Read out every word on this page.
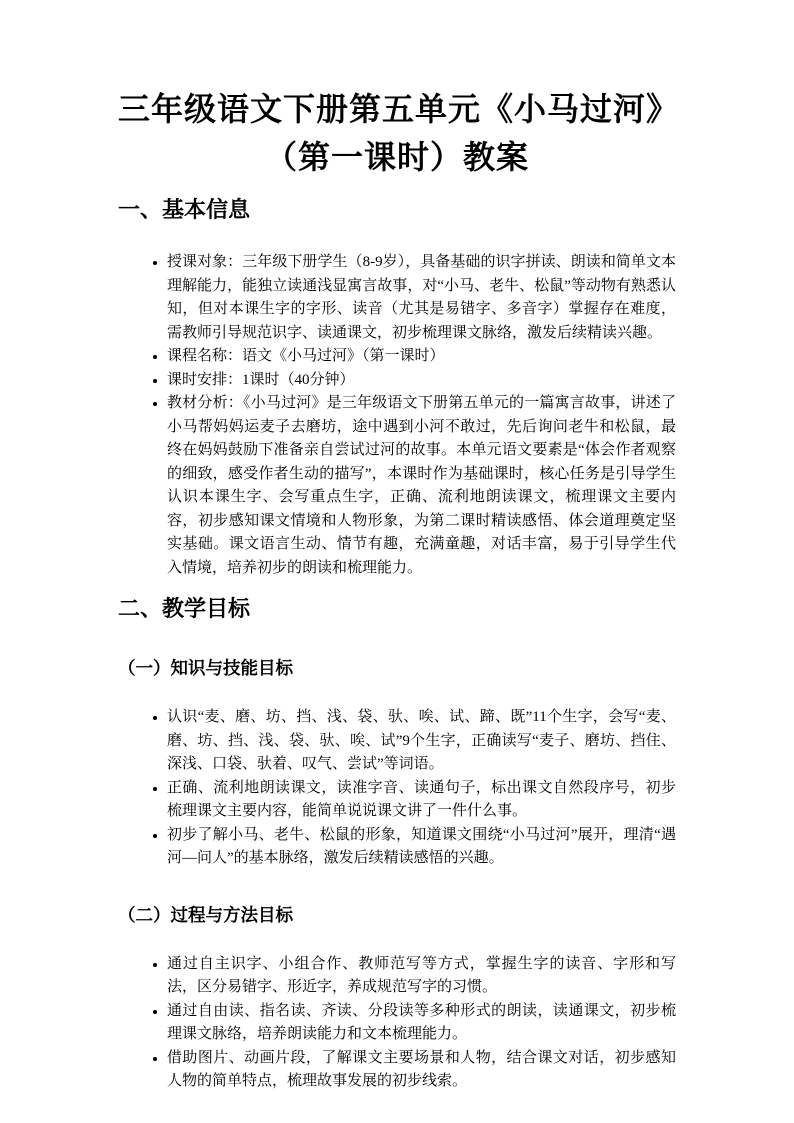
三年级语文下册第五单元《小马过河》
（第一课时）教案
一、基本信息
• 授课对象：三年级下册学生（8-9岁），具备基础的识字拼读、朗读和简单文本理解能力，能独立读通浅显寓言故事，对“小马、老牛、松鼠”等动物有熟悉认知，但对本课生字的字形、读音（尤其是易错字、多音字）掌握存在难度，需教师引导规范识字、读通课文，初步梳理课文脉络，激发后续精读兴趣。
• 课程名称：语文《小马过河》（第一课时）
• 课时安排：1课时（40分钟）
• 教材分析：《小马过河》是三年级语文下册第五单元的一篇寓言故事，讲述了小马帮妈妈运麦子去磨坊，途中遇到小河不敢过，先后询问老牛和松鼠，最终在妈妈鼓励下准备亲自尝试过河的故事。本单元语文要素是“体会作者观察的细致，感受作者生动的描写”，本课时作为基础课时，核心任务是引导学生认识本课生字、会写重点生字，正确、流利地朗读课文，梳理课文主要内容，初步感知课文情境和人物形象，为第二课时精读感悟、体会道理奠定坚实基础。课文语言生动、情节有趣，充满童趣，对话丰富，易于引导学生代入情境，培养初步的朗读和梳理能力。
二、教学目标
（一）知识与技能目标
• 认识“麦、磨、坊、挡、浅、袋、驮、唉、试、蹄、既”11个生字，会写“麦、磨、坊、挡、浅、袋、驮、唉、试”9个生字，正确读写“麦子、磨坊、挡住、深浅、口袋、驮着、叹气、尝试”等词语。
• 正确、流利地朗读课文，读准字音、读通句子，标出课文自然段序号，初步梳理课文主要内容，能简单说说课文讲了一件什么事。
• 初步了解小马、老牛、松鼠的形象，知道课文围绕“小马过河”展开，理清“遇河—问人”的基本脉络，激发后续精读感悟的兴趣。
（二）过程与方法目标
• 通过自主识字、小组合作、教师范写等方式，掌握生字的读音、字形和写法，区分易错字、形近字，养成规范写字的习惯。
• 通过自由读、指名读、齐读、分段读等多种形式的朗读，读通课文，初步梳理课文脉络，培养朗读能力和文本梳理能力。
• 借助图片、动画片段，了解课文主要场景和人物，结合课文对话，初步感知人物的简单特点，梳理故事发展的初步线索。
